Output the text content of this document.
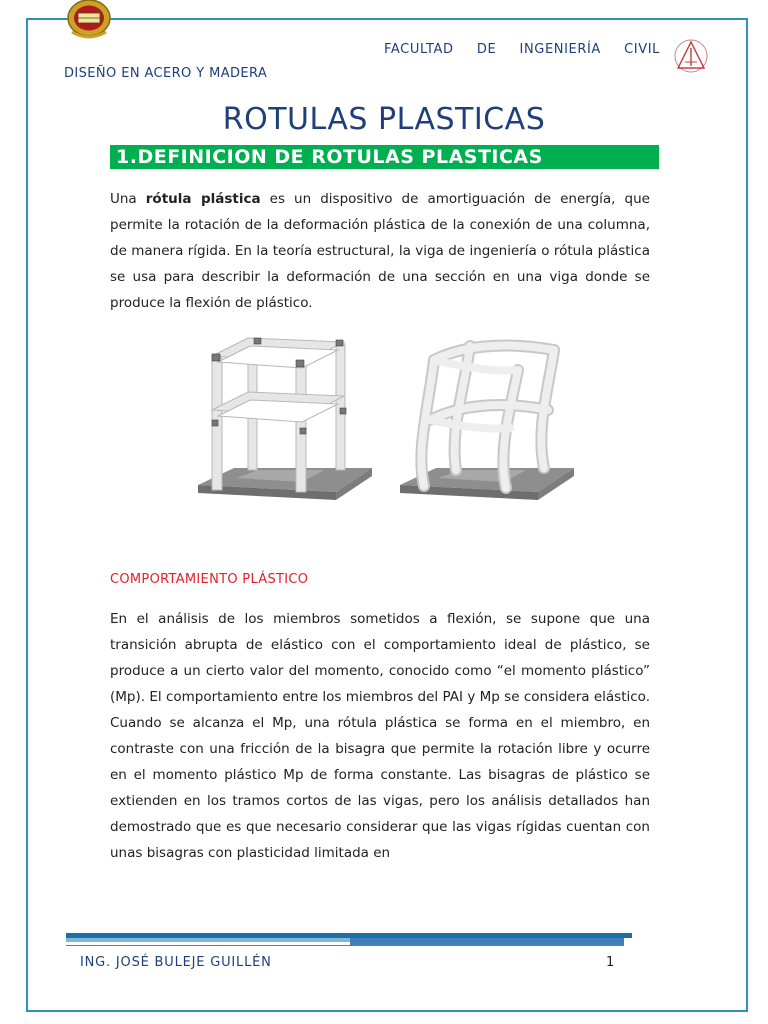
FACULTAD DE INGENIERÍA CIVIL
DISEÑO EN ACERO Y MADERA
ROTULAS PLASTICAS
1.DEFINICION DE ROTULAS PLASTICAS
Una rótula plástica es un dispositivo de amortiguación de energía, que permite la rotación de la deformación plástica de la conexión de una columna, de manera rígida. En la teoría estructural, la viga de ingeniería o rótula plástica se usa para describir la deformación de una sección en una viga donde se produce la flexión de plástico.
COMPORTAMIENTO PLÁSTICO
En el análisis de los miembros sometidos a flexión, se supone que una transición abrupta de elástico con el comportamiento ideal de plástico, se produce a un cierto valor del momento, conocido como “el momento plástico” (Mp). El comportamiento entre los miembros del PAI y Mp se considera elástico. Cuando se alcanza el Mp, una rótula plástica se forma en el miembro, en contraste con una fricción de la bisagra que permite la rotación libre y ocurre en el momento plástico Mp de forma constante. Las bisagras de plástico se extienden en los tramos cortos de las vigas, pero los análisis detallados han demostrado que es que necesario considerar que las vigas rígidas cuentan con unas bisagras con plasticidad limitada en
ING. JOSÉ BULEJE GUILLÉN	1
